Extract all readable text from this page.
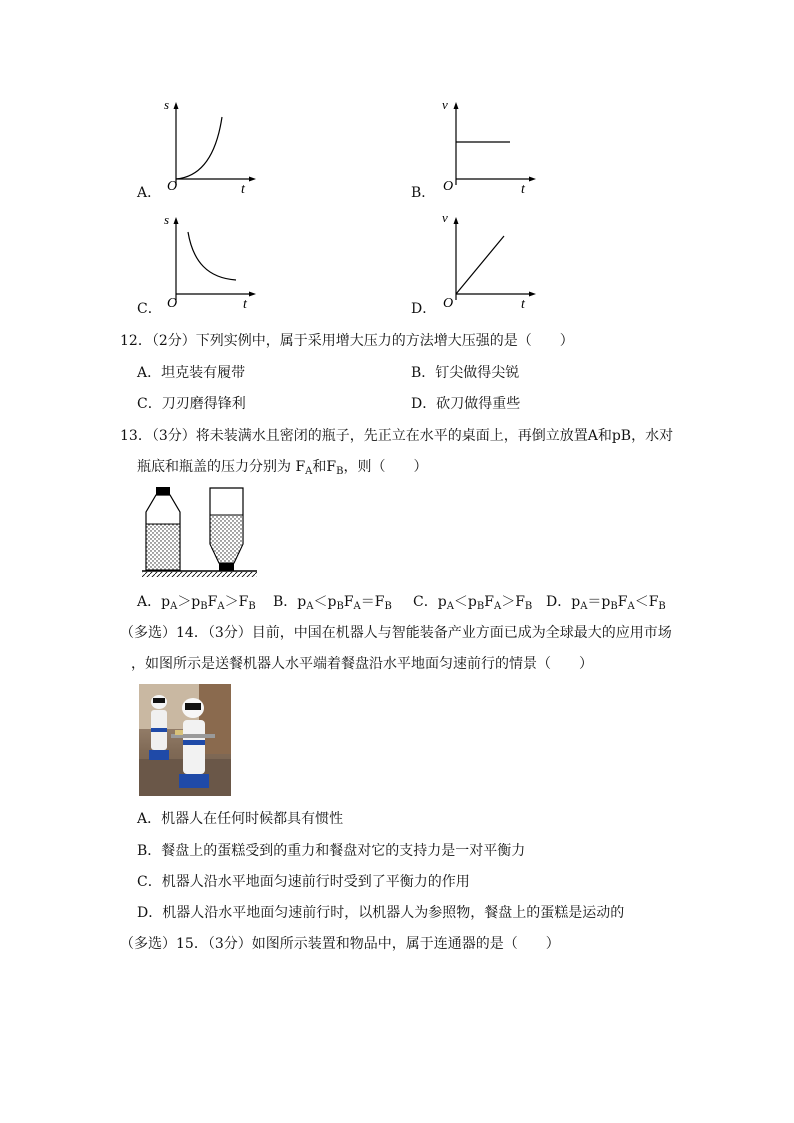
s
O	t
A．
v
O	t
B．
s
O	t
C．
v
O	t
D．
12．（2分）下列实例中，属于采用增大压力的方法增大压强的是（　　）
A．坦克装有履带	B．钉尖做得尖锐
C．刀刃磨得锋利	D．砍刀做得重些
13．（3分）将未装满水且密闭的瓶子，先正立在水平的桌面上，再倒立放置A和pB，水对
瓶底和瓶盖的压力分别为 $F_A$和$F_B$，则（　　）
A．$p_A>p_BF_A>F_B$ B．$p_A<p_BF_A=F_B$ C．$p_A<p_BF_A>F_B$ D．$p_A=p_BF_A<F_B$
（多选）14．（3分）目前，中国在机器人与智能装备产业方面已成为全球最大的应用市场
，如图所示是送餐机器人水平端着餐盘沿水平地面匀速前行的情景（　　）
A．机器人在任何时候都具有惯性
B．餐盘上的蛋糕受到的重力和餐盘对它的支持力是一对平衡力
C．机器人沿水平地面匀速前行时受到了平衡力的作用
D．机器人沿水平地面匀速前行时，以机器人为参照物，餐盘上的蛋糕是运动的
（多选）15．（3分）如图所示装置和物品中，属于连通器的是（　　）
